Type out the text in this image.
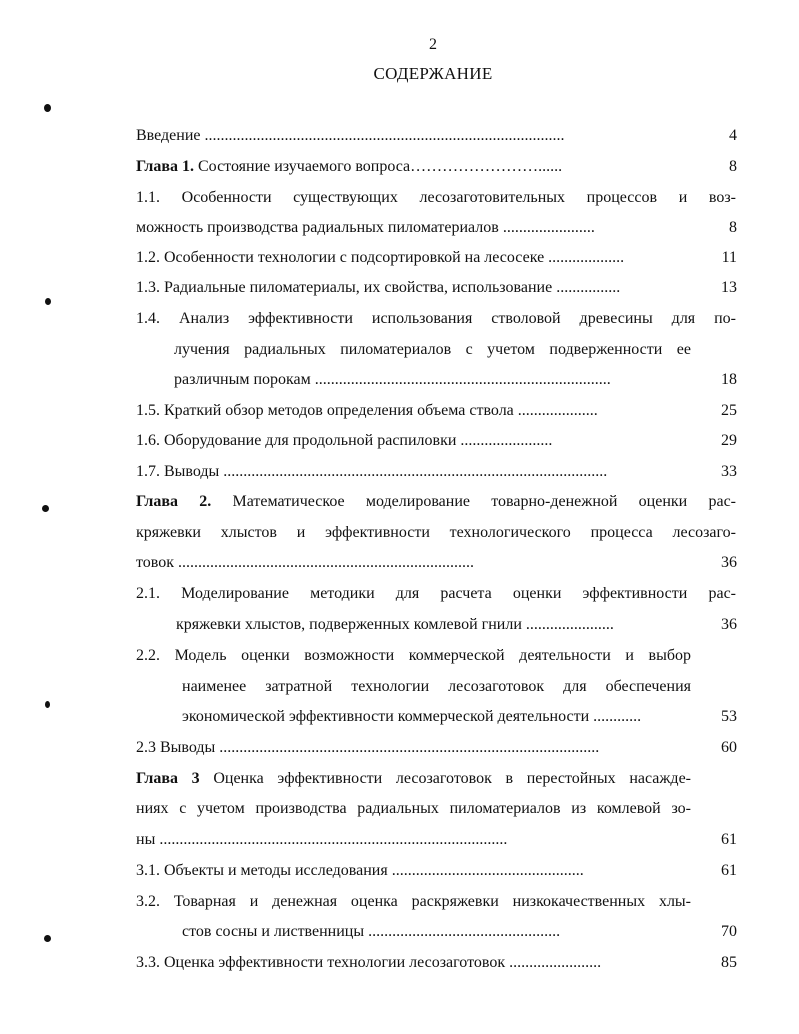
2
СОДЕРЖАНИЕ
Введение ..........................................................................................	4
Глава 1. Состояние изучаемого вопроса……………………......	8
1.1. Особенности существующих лесозаготовительных процессов и воз-
можность производства радиальных пиломатериалов .......................	8
1.2. Особенности технологии с подсортировкой на лесосеке ...................	11
1.3. Радиальные пиломатериалы, их свойства, использование ................	13
1.4. Анализ эффективности использования стволовой древесины для по-
лучения радиальных пиломатериалов с учетом подверженности ее
различным порокам ..........................................................................	18
1.5. Краткий обзор методов определения объема ствола ....................	25
1.6. Оборудование для продольной распиловки .......................	29
1.7. Выводы ................................................................................................	33
Глава 2. Математическое моделирование товарно-денежной оценки рас-
кряжевки хлыстов и эффективности технологического процесса лесозаго-
товок ..........................................................................	36
2.1. Моделирование методики для расчета оценки эффективности рас-
кряжевки хлыстов, подверженных комлевой гнили ......................	36
2.2. Модель оценки возможности коммерческой деятельности и выбор
наименее затратной технологии лесозаготовок для обеспечения
экономической эффективности коммерческой деятельности ............	53
2.3 Выводы ...............................................................................................	60
Глава 3 Оценка эффективности лесозаготовок в перестойных насажде-
ниях с учетом производства радиальных пиломатериалов из комлевой зо-
ны .......................................................................................	61
3.1. Объекты и методы исследования ................................................	61
3.2. Товарная и денежная оценка раскряжевки низкокачественных хлы-
стов сосны и лиственницы ................................................	70
3.3. Оценка эффективности технологии лесозаготовок .......................	85
